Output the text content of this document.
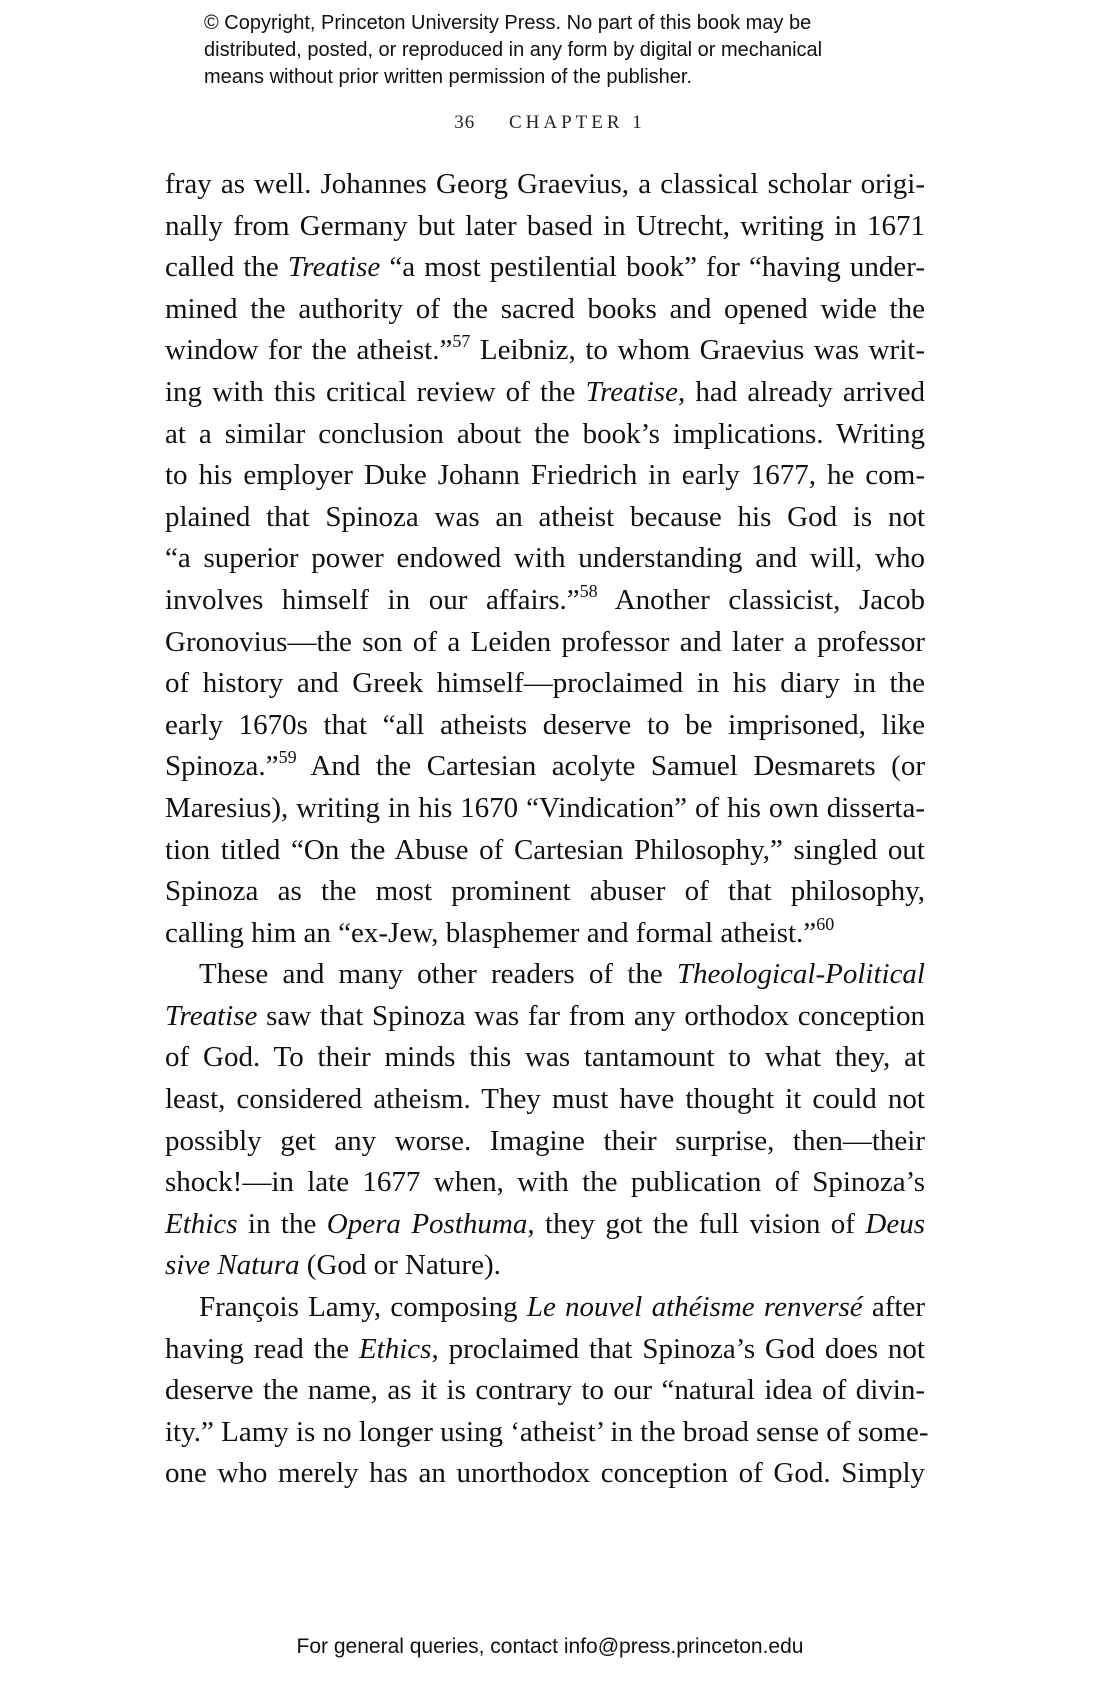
© Copyright, Princeton University Press. No part of this book may be
distributed, posted, or reproduced in any form by digital or mechanical
means without prior written permission of the publisher.
36 CHAPTER 1
fray as well. Johannes Georg Graevius, a classical scholar origi-
nally from Germany but later based in Utrecht, writing in 1671
called the Treatise “a most pestilential book” for “having under-
mined the authority of the sacred books and opened wide the
window for the atheist.”$^{57}$ Leibniz, to whom Graevius was writ-
ing with this critical review of the Treatise, had already arrived
at a similar conclusion about the book’s implications. Writing
to his employer Duke Johann Friedrich in early 1677, he com-
plained that Spinoza was an atheist because his God is not
“a superior power endowed with understanding and will, who
involves himself in our affairs.”$^{58}$ Another classicist, Jacob
Gronovius—the son of a Leiden professor and later a professor
of history and Greek himself—proclaimed in his diary in the
early 1670s that “all atheists deserve to be imprisoned, like
Spinoza.”$^{59}$ And the Cartesian acolyte Samuel Desmarets (or
Maresius), writing in his 1670 “Vindication” of his own disserta-
tion titled “On the Abuse of Cartesian Philosophy,” singled out
Spinoza as the most prominent abuser of that philosophy,
calling him an “ex-Jew, blasphemer and formal atheist.”$^{60}$
These and many other readers of the Theological-Political
Treatise saw that Spinoza was far from any orthodox conception
of God. To their minds this was tantamount to what they, at
least, considered atheism. They must have thought it could not
possibly get any worse. Imagine their surprise, then—their
shock!—in late 1677 when, with the publication of Spinoza’s
Ethics in the Opera Posthuma, they got the full vision of Deus
sive Natura (God or Nature).
François Lamy, composing Le nouvel athéisme renversé after
having read the Ethics, proclaimed that Spinoza’s God does not
deserve the name, as it is contrary to our “natural idea of divin-
ity.” Lamy is no longer using ‘atheist’ in the broad sense of some-
one who merely has an unorthodox conception of God. Simply
For general queries, contact info@press.princeton.edu
